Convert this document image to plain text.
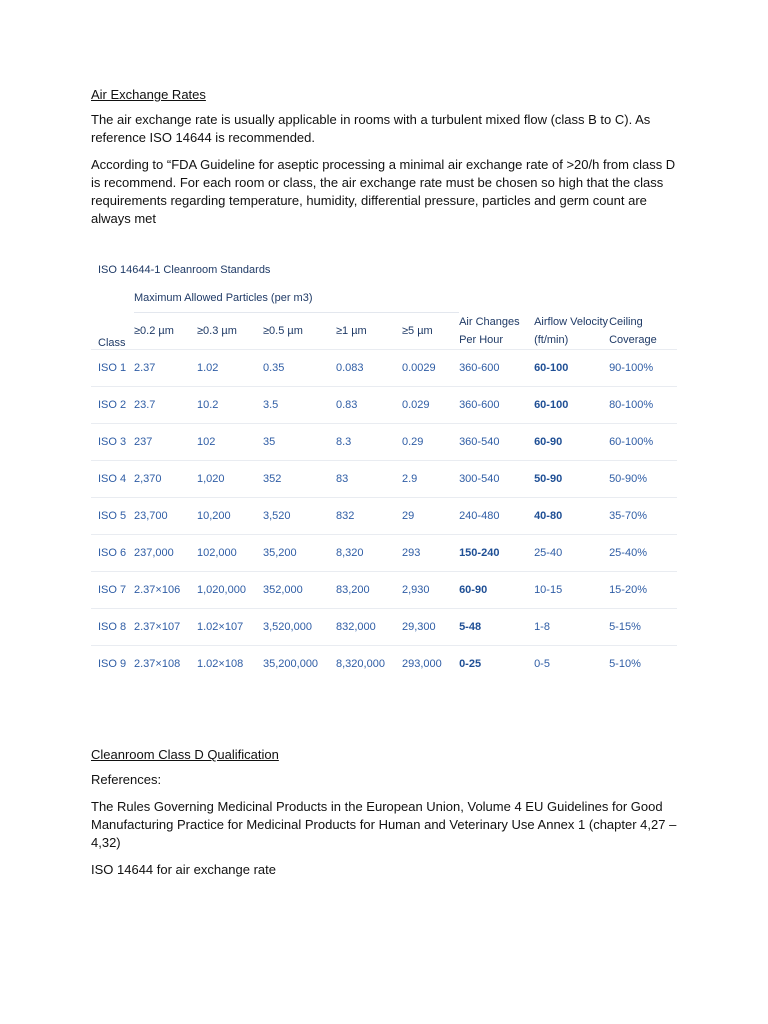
Air Exchange Rates

The air exchange rate is usually applicable in rooms with a turbulent mixed flow (class B to C). As reference ISO 14644 is recommended.

According to “FDA Guideline for aseptic processing a minimal air exchange rate of >20/h from class D is recommend. For each room or class, the air exchange rate must be chosen so high that the class requirements regarding temperature, humidity, differential pressure, particles and germ count are always met

ISO 14644-1 Cleanroom Standards
Class	Maximum Allowed Particles (per m3)					Air Changes Per Hour	Airflow Velocity (ft/min)	Ceiling Coverage
	≥0.2 µm	≥0.3 µm	≥0.5 µm	≥1 µm	≥5 µm			
ISO 1	2.37	1.02	0.35	0.083	0.0029	360-600	60-100	90-100%
ISO 2	23.7	10.2	3.5	0.83	0.029	360-600	60-100	80-100%
ISO 3	237	102	35	8.3	0.29	360-540	60-90	60-100%
ISO 4	2,370	1,020	352	83	2.9	300-540	50-90	50-90%
ISO 5	23,700	10,200	3,520	832	29	240-480	40-80	35-70%
ISO 6	237,000	102,000	35,200	8,320	293	150-240	25-40	25-40%
ISO 7	2.37×106	1,020,000	352,000	83,200	2,930	60-90	10-15	15-20%
ISO 8	2.37×107	1.02×107	3,520,000	832,000	29,300	5-48	1-8	5-15%
ISO 9	2.37×108	1.02×108	35,200,000	8,320,000	293,000	0-25	0-5	5-10%

Cleanroom Class D Qualification

References:

The Rules Governing Medicinal Products in the European Union, Volume 4 EU Guidelines for Good Manufacturing Practice for Medicinal Products for Human and Veterinary Use Annex 1 (chapter 4,27 – 4,32)

ISO 14644 for air exchange rate
